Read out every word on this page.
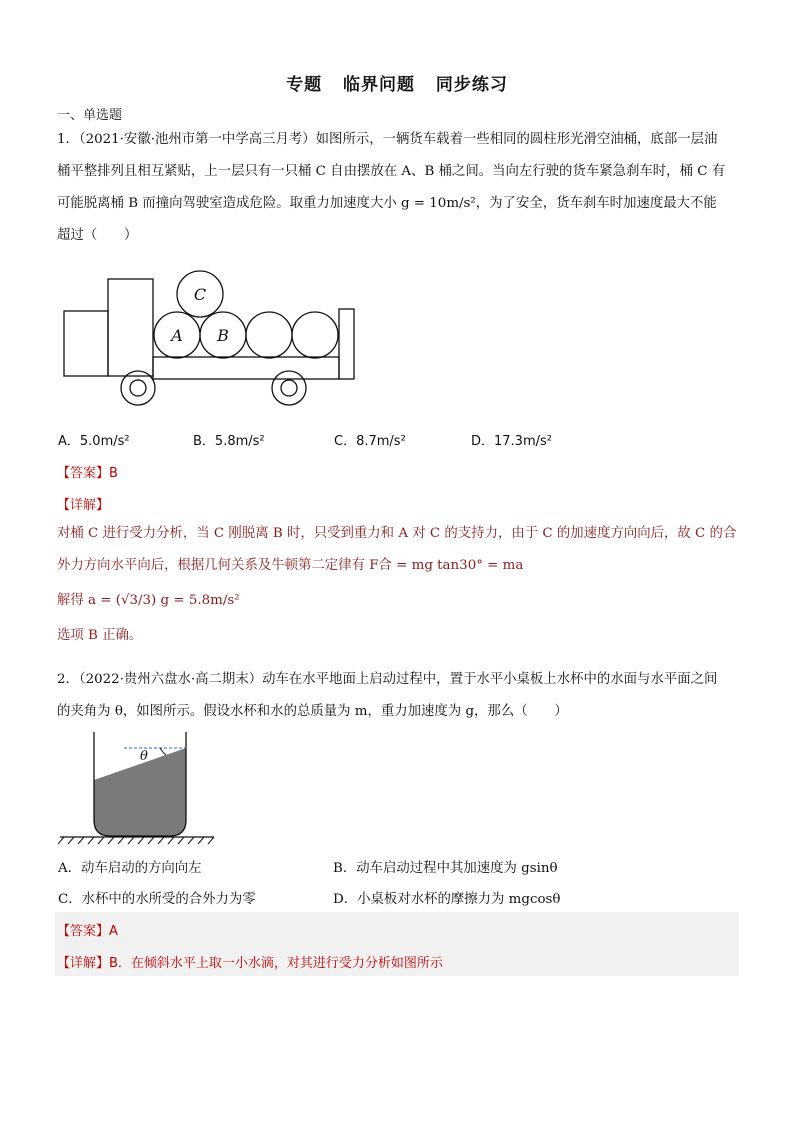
专题 临界问题 同步练习
一、单选题
1．（2021·安徽·池州市第一中学高三月考）如图所示，一辆货车载着一些相同的圆柱形光滑空油桶，底部一层油
桶平整排列且相互紧贴，上一层只有一只桶 C 自由摆放在 A、B 桶之间。当向左行驶的货车紧急刹车时，桶 C 有
可能脱离桶 B 而撞向驾驶室造成危险。取重力加速度大小 g = 10m/s²，为了安全，货车刹车时加速度最大不能
超过（　　）
A B
C
A．5.0m/s²	B．5.8m/s²	C．8.7m/s²	D．17.3m/s²
【答案】B
【详解】
对桶 C 进行受力分析，当 C 刚脱离 B 时，只受到重力和 A 对 C 的支持力，由于 C 的加速度方向向后，故 C 的合
外力方向水平向后，根据几何关系及牛顿第二定律有 F合 = mg tan30° = ma
解得 a = (√3/3) g = 5.8m/s²
选项 B 正确。
2．（2022·贵州六盘水·高二期末）动车在水平地面上启动过程中，置于水平小桌板上水杯中的水面与水平面之间
的夹角为 θ，如图所示。假设水杯和水的总质量为 m，重力加速度为 g，那么（　　）
θ
A．动车启动的方向向左	B．动车启动过程中其加速度为 gsinθ
C．水杯中的水所受的合外力为零	D．小桌板对水杯的摩擦力为 mgcosθ
【答案】A
【详解】B．在倾斜水平上取一小水滴，对其进行受力分析如图所示
